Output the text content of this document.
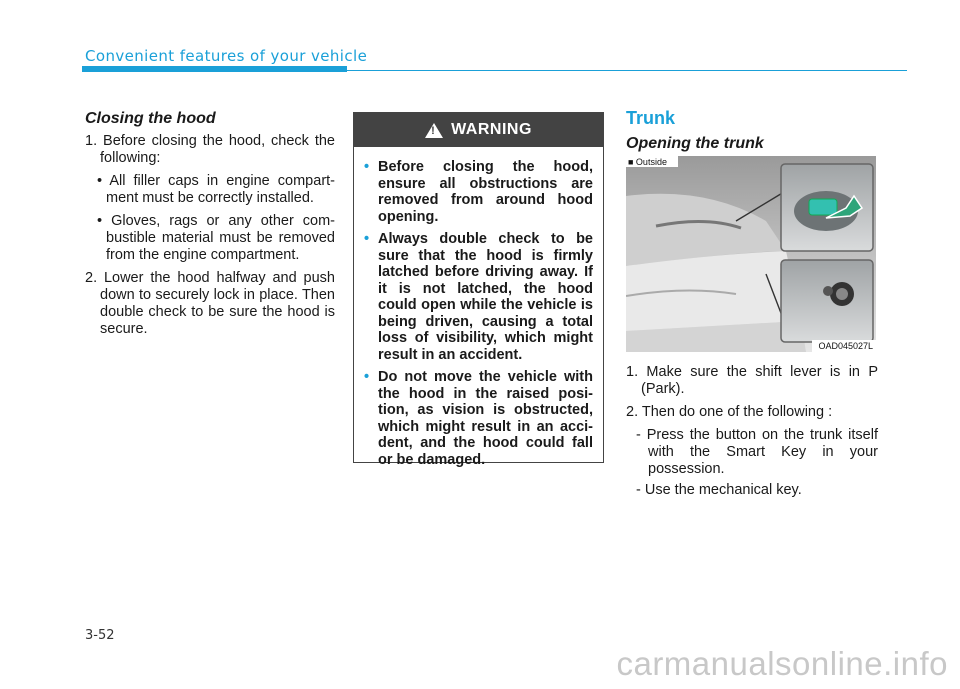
Convenient features of your vehicle
Closing the hood
1. Before closing the hood, check the following:
• All filler caps in engine compart-ment must be correctly installed.
• Gloves, rags or any other com-bustible material must be removed from the engine compartment.
2. Lower the hood halfway and push down to securely lock in place. Then double check to be sure the hood is secure.
! WARNING
• Before closing the hood, ensure all obstructions are removed from around hood opening.
• Always double check to be sure that the hood is firmly latched before driving away. If it is not latched, the hood could open while the vehicle is being driven, causing a total loss of visibility, which might result in an accident.
• Do not move the vehicle with the hood in the raised posi-tion, as vision is obstructed, which might result in an acci-dent, and the hood could fall or be damaged.
Trunk
Opening the trunk
■ Outside
OAD045027L
1. Make sure the shift lever is in P (Park).
2. Then do one of the following :
- Press the button on the trunk itself with the Smart Key in your possession.
- Use the mechanical key.
3-52
carmanualsonline.info
